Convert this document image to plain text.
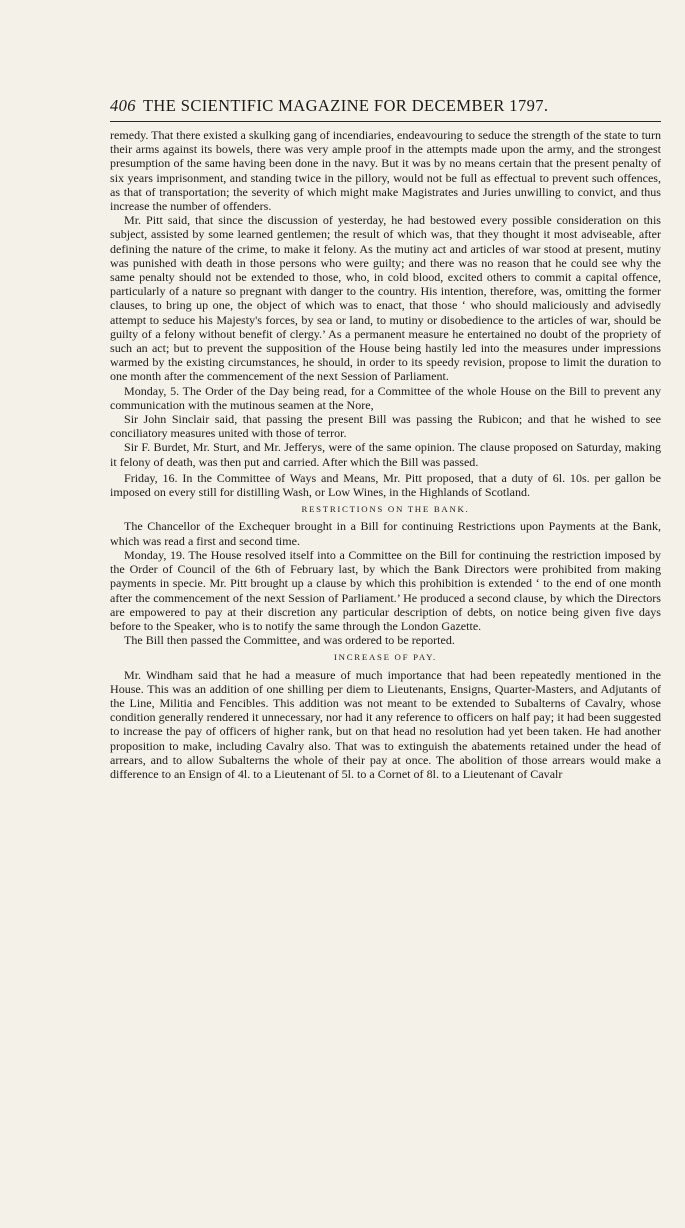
406 THE SCIENTIFIC MAGAZINE FOR DECEMBER 1797.

remedy. That there existed a skulking gang of incendiaries, endeavouring to seduce the strength of the state to turn their arms against its bowels, there was very ample proof in the attempts made upon the army, and the strongest presumption of the same having been done in the navy. But it was by no means certain that the present penalty of six years imprisonment, and standing twice in the pillory, would not be full as effectual to prevent such offences, as that of transportation; the severity of which might make Magistrates and Juries unwilling to convict, and thus increase the number of offenders.

Mr. Pitt said, that since the discussion of yesterday, he had bestowed every possible consideration on this subject, assisted by some learned gentlemen; the result of which was, that they thought it most adviseable, after defining the nature of the crime, to make it felony. As the mutiny act and articles of war stood at present, mutiny was punished with death in those persons who were guilty; and there was no reason that he could see why the same penalty should not be extended to those, who, in cold blood, excited others to commit a capital offence, particularly of a nature so pregnant with danger to the country. His intention, therefore, was, omitting the former clauses, to bring up one, the object of which was to enact, that those ‘ who should maliciously and advisedly attempt to seduce his Majesty's forces, by sea or land, to mutiny or disobedience to the articles of war, should be guilty of a felony without benefit of clergy.’ As a permanent measure he entertained no doubt of the propriety of such an act; but to prevent the supposition of the House being hastily led into the measures under impressions warmed by the existing circumstances, he should, in order to its speedy revision, propose to limit the duration to one month after the commencement of the next Session of Parliament.

Monday, 5. The Order of the Day being read, for a Committee of the whole House on the Bill to prevent any communication with the mutinous seamen at the Nore,

Sir John Sinclair said, that passing the present Bill was passing the Rubicon; and that he wished to see conciliatory measures united with those of terror.

Sir F. Burdet, Mr. Sturt, and Mr. Jefferys, were of the same opinion. The clause proposed on Saturday, making it felony of death, was then put and carried. After which the Bill was passed.

Friday, 16. In the Committee of Ways and Means, Mr. Pitt proposed, that a duty of 6l. 10s. per gallon be imposed on every still for distilling Wash, or Low Wines, in the Highlands of Scotland.

RESTRICTIONS ON THE BANK.

The Chancellor of the Exchequer brought in a Bill for continuing Restrictions upon Payments at the Bank, which was read a first and second time.

Monday, 19. The House resolved itself into a Committee on the Bill for continuing the restriction imposed by the Order of Council of the 6th of February last, by which the Bank Directors were prohibited from making payments in specie. Mr. Pitt brought up a clause by which this prohibition is extended ‘ to the end of one month after the commencement of the next Session of Parliament.’ He produced a second clause, by which the Directors are empowered to pay at their discretion any particular description of debts, on notice being given five days before to the Speaker, who is to notify the same through the London Gazette.

The Bill then passed the Committee, and was ordered to be reported.

INCREASE OF PAY.

Mr. Windham said that he had a measure of much importance that had been repeatedly mentioned in the House. This was an addition of one shilling per diem to Lieutenants, Ensigns, Quarter-Masters, and Adjutants of the Line, Militia and Fencibles. This addition was not meant to be extended to Subalterns of Cavalry, whose condition generally rendered it unnecessary, nor had it any reference to officers on half pay; it had been suggested to increase the pay of officers of higher rank, but on that head no resolution had yet been taken. He had another proposition to make, including Cavalry also. That was to extinguish the abatements retained under the head of arrears, and to allow Subalterns the whole of their pay at once. The abolition of those arrears would make a difference to an Ensign of 4l. to a Lieutenant of 5l. to a Cornet of 8l. to a Lieutenant of Cavalr
